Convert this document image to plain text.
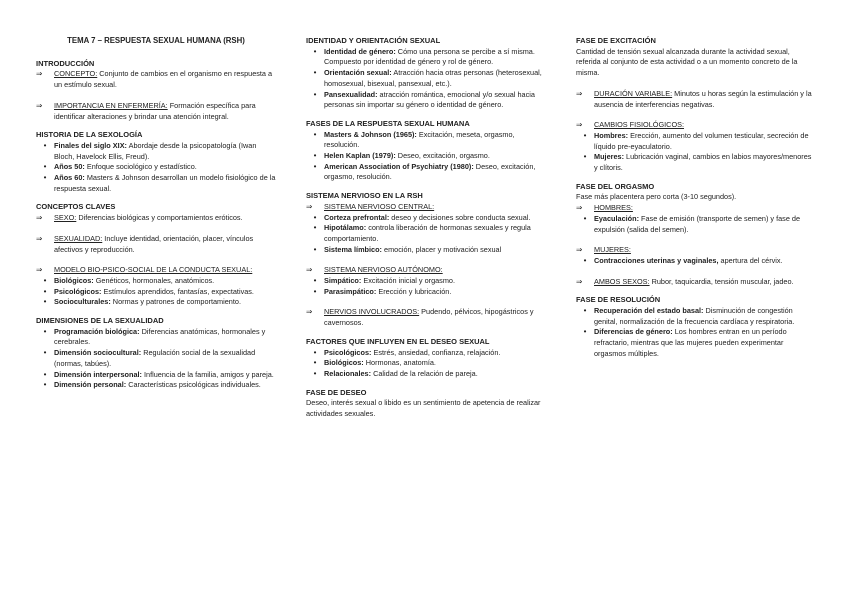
TEMA 7 – RESPUESTA SEXUAL HUMANA (RSH)

INTRODUCCIÓN

⇒	CONCEPTO: Conjunto de cambios en el organismo en respuesta a un estímulo sexual.
⇒	IMPORTANCIA EN ENFERMERÍA: Formación específica para identificar alteraciones y brindar una atención integral.

HISTORIA DE LA SEXOLOGÍA

•	Finales del siglo XIX: Abordaje desde la psicopatología (Iwan Bloch, Havelock Ellis, Freud).
•	Años 50: Enfoque sociológico y estadístico.
•	Años 60: Masters & Johnson desarrollan un modelo fisiológico de la respuesta sexual.

CONCEPTOS CLAVES

⇒	SEXO: Diferencias biológicas y comportamientos eróticos.
⇒	SEXUALIDAD: Incluye identidad, orientación, placer, vínculos afectivos y reproducción.
⇒	MODELO BIO-PSICO-SOCIAL DE LA CONDUCTA SEXUAL:
•	Biológicos: Genéticos, hormonales, anatómicos.
•	Psicológicos: Estímulos aprendidos, fantasías, expectativas.
•	Socioculturales: Normas y patrones de comportamiento.

DIMENSIONES DE LA SEXUALIDAD

•	Programación biológica: Diferencias anatómicas, hormonales y cerebrales.
•	Dimensión sociocultural: Regulación social de la sexualidad (normas, tabúes).
•	Dimensión interpersonal: Influencia de la familia, amigos y pareja.
•	Dimensión personal: Características psicológicas individuales.

IDENTIDAD Y ORIENTACIÓN SEXUAL

•	Identidad de género: Cómo una persona se percibe a sí misma. Compuesto por identidad de género y rol de género.
•	Orientación sexual: Atracción hacia otras personas (heterosexual, homosexual, bisexual, pansexual, etc.).
•	Pansexualidad: atracción romántica, emocional y/o sexual hacia personas sin importar su género o identidad de género.

FASES DE LA RESPUESTA SEXUAL HUMANA

•	Masters & Johnson (1965): Excitación, meseta, orgasmo, resolución.
•	Helen Kaplan (1979): Deseo, excitación, orgasmo.
•	American Association of Psychiatry (1980): Deseo, excitación, orgasmo, resolución.

SISTEMA NERVIOSO EN LA RSH

⇒	SISTEMA NERVIOSO CENTRAL:
•	Corteza prefrontal: deseo y decisiones sobre conducta sexual.
•	Hipotálamo: controla liberación de hormonas sexuales y regula comportamiento.
•	Sistema límbico: emoción, placer y motivación sexual
⇒	SISTEMA NERVIOSO AUTÓNOMO:
•	Simpático: Excitación inicial y orgasmo.
•	Parasimpático: Erección y lubricación.
⇒	NERVIOS INVOLUCRADOS: Pudendo, pélvicos, hipogástricos y cavernosos.

FACTORES QUE INFLUYEN EN EL DESEO SEXUAL

•	Psicológicos: Estrés, ansiedad, confianza, relajación.
•	Biológicos: Hormonas, anatomía.
•	Relacionales: Calidad de la relación de pareja.

FASE DE DESEO

Deseo, interés sexual o libido es un sentimiento de apetencia de realizar actividades sexuales.

FASE DE EXCITACIÓN

Cantidad de tensión sexual alcanzada durante la actividad sexual, referida al conjunto de esta actividad o a un momento concreto de la misma.

⇒	DURACIÓN VARIABLE: Minutos u horas según la estimulación y la ausencia de interferencias negativas.
⇒	CAMBIOS FISIOLÓGICOS:
•	Hombres: Erección, aumento del volumen testicular, secreción de líquido pre-eyaculatorio.
•	Mujeres: Lubricación vaginal, cambios en labios mayores/menores y clítoris.

FASE DEL ORGASMO

Fase más placentera pero corta (3-10 segundos).

⇒	HOMBRES:
•	Eyaculación: Fase de emisión (transporte de semen) y fase de expulsión (salida del semen).
⇒	MUJERES:
•	Contracciones uterinas y vaginales, apertura del cérvix.
⇒	AMBOS SEXOS: Rubor, taquicardia, tensión muscular, jadeo.

FASE DE RESOLUCIÓN

•	Recuperación del estado basal: Disminución de congestión genital, normalización de la frecuencia cardíaca y respiratoria.
•	Diferencias de género: Los hombres entran en un período refractario, mientras que las mujeres pueden experimentar orgasmos múltiples.
